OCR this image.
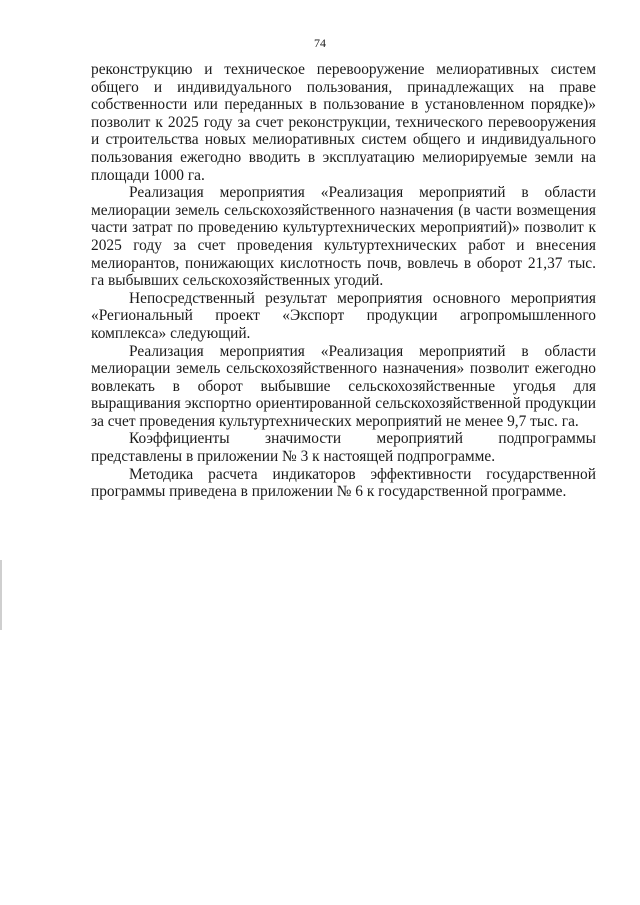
74

реконструкцию и техническое перевооружение мелиоративных систем общего и индивидуального пользования, принадлежащих на праве собственности или переданных в пользование в установленном порядке)» позволит к 2025 году за счет реконструкции, технического перевооружения и строительства новых мелиоративных систем общего и индивидуального пользования ежегодно вводить в эксплуатацию мелиорируемые земли на площади 1000 га.

Реализация мероприятия «Реализация мероприятий в области мелиорации земель сельскохозяйственного назначения (в части возмещения части затрат по проведению культуртехнических мероприятий)» позволит к 2025 году за счет проведения культуртехнических работ и внесения мелиорантов, понижающих кислотность почв, вовлечь в оборот 21,37 тыс. га выбывших сельскохозяйственных угодий.

Непосредственный результат мероприятия основного мероприятия «Региональный проект «Экспорт продукции агропромышленного комплекса» следующий.

Реализация мероприятия «Реализация мероприятий в области мелиорации земель сельскохозяйственного назначения» позволит ежегодно вовлекать в оборот выбывшие сельскохозяйственные угодья для выращивания экспортно ориентированной сельскохозяйственной продукции за счет проведения культуртехнических мероприятий не менее 9,7 тыс. га.

Коэффициенты значимости мероприятий подпрограммы представлены в приложении № 3 к настоящей подпрограмме.

Методика расчета индикаторов эффективности государственной программы приведена в приложении № 6 к государственной программе.
